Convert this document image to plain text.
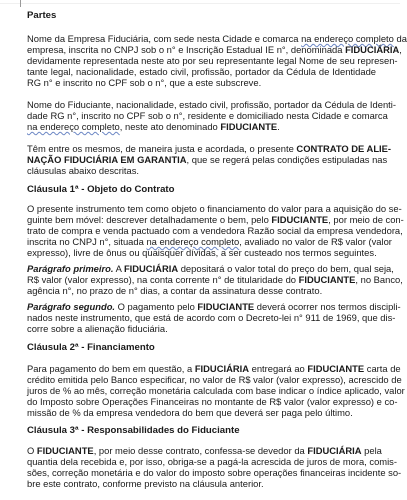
Partes
Nome da Empresa Fiduciária, com sede nesta Cidade e comarca na endereço completo da
empresa, inscrita no CNPJ sob o n° e Inscrição Estadual IE n°, denominada FIDUCIÁRIA,
devidamente representada neste ato por seu representante legal Nome de seu represen-
tante legal, nacionalidade, estado civil, profissão, portador da Cédula de Identidade
RG n° e inscrito no CPF sob o n°, que a este subscreve.
Nome do Fiduciante, nacionalidade, estado civil, profissão, portador da Cédula de Identi-
dade RG n°, inscrito no CPF sob o n°, residente e domiciliado nesta Cidade e comarca
na endereço completo, neste ato denominado FIDUCIANTE.
Têm entre os mesmos, de maneira justa e acordada, o presente CONTRATO DE ALIE-
NAÇÃO FIDUCIÁRIA EM GARANTIA, que se regerá pelas condições estipuladas nas
cláusulas abaixo descritas.
Cláusula 1ª - Objeto do Contrato
O presente instrumento tem como objeto o financiamento do valor para a aquisição do se-
guinte bem móvel: descrever detalhadamente o bem, pelo FIDUCIANTE, por meio de con-
trato de compra e venda pactuado com a vendedora Razão social da empresa vendedora,
inscrita no CNPJ n°, situada na endereço completo, avaliado no valor de R$ valor (valor
expresso), livre de ônus ou quaisquer dívidas, a ser custeado nos termos seguintes.
Parágrafo primeiro. A FIDUCIÁRIA depositará o valor total do preço do bem, qual seja,
R$ valor (valor expresso), na conta corrente n° de titularidade do FIDUCIANTE, no Banco,
agência n°, no prazo de n° dias, a contar da assinatura desse contrato.
Parágrafo segundo. O pagamento pelo FIDUCIANTE deverá ocorrer nos termos discipli-
nados neste instrumento, que está de acordo com o Decreto-lei n° 911 de 1969, que dis-
corre sobre a alienação fiduciária.
Cláusula 2ª - Financiamento
Para pagamento do bem em questão, a FIDUCIÁRIA entregará ao FIDUCIANTE carta de
crédito emitida pelo Banco especificar, no valor de R$ valor (valor expresso), acrescido de
juros de % ao mês, correção monetária calculada com base indicar o índice aplicado, valor
do Imposto sobre Operações Financeiras no montante de R$ valor (valor expresso) e co-
missão de % da empresa vendedora do bem que deverá ser paga pelo último.
Cláusula 3ª - Responsabilidades do Fiduciante
O FIDUCIANTE, por meio desse contrato, confessa-se devedor da FIDUCIÁRIA pela
quantia dela recebida e, por isso, obriga-se a pagá-la acrescida de juros de mora, comis-
sões, correção monetária e do valor do imposto sobre operações financeiras incidente so-
bre este contrato, conforme previsto na cláusula anterior.
